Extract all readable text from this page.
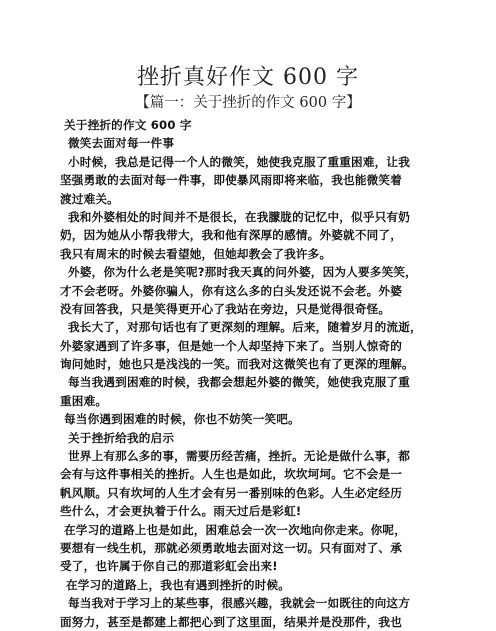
挫折真好作文 600 字
【篇一：关于挫折的作文 600 字】
关于挫折的作文 600 字
微笑去面对每一件事
小时候，我总是记得一个人的微笑，她使我克服了重重困难，让我
坚强勇敢的去面对每一件事，即使暴风雨即将来临，我也能微笑着
渡过难关。
我和外婆相处的时间并不是很长，在我朦胧的记忆中，似乎只有奶
奶，因为她从小帮我带大，我和他有深厚的感情。外婆就不同了，
我只有周末的时候去看望她，但她却教会了我许多。
外婆，你为什么老是笑呢?那时我天真的问外婆，因为人要多笑笑，
才不会老呀。外婆你骗人，你有这么多的白头发还说不会老。外婆
没有回答我，只是笑得更开心了我站在旁边，只是觉得很奇怪。
我长大了，对那句话也有了更深刻的理解。后来，随着岁月的流逝，
外婆家遇到了许多事，但是她一个人却坚持下来了。当别人惊奇的
询问她时，她也只是浅浅的一笑。而我对这微笑也有了更深的理解。
每当我遇到困难的时候，我都会想起外婆的微笑，她使我克服了重
重困难。
每当你遇到困难的时候，你也不妨笑一笑吧。
关于挫折给我的启示
世界上有那么多的事，需要历经苦痛，挫折。无论是做什么事，都
会有与这件事相关的挫折。人生也是如此，坎坎坷坷。它不会是一
帆风顺。只有坎坷的人生才会有另一番别味的色彩。人生必定经历
些什么，才会更执着于什么。雨天过后是彩虹!
在学习的道路上也是如此，困难总会一次一次地向你走来。你呢，
要想有一线生机，那就必须勇敢地去面对这一切。只有面对了、承
受了，也许属于你自己的那道彩虹会出来!
在学习的道路上，我也有遇到挫折的时候。
每当我对于学习上的某些事，很感兴趣，我就会一如既往的向这方
面努力，甚至是都建上都把心到了这里面，结果并是没那件，我也
